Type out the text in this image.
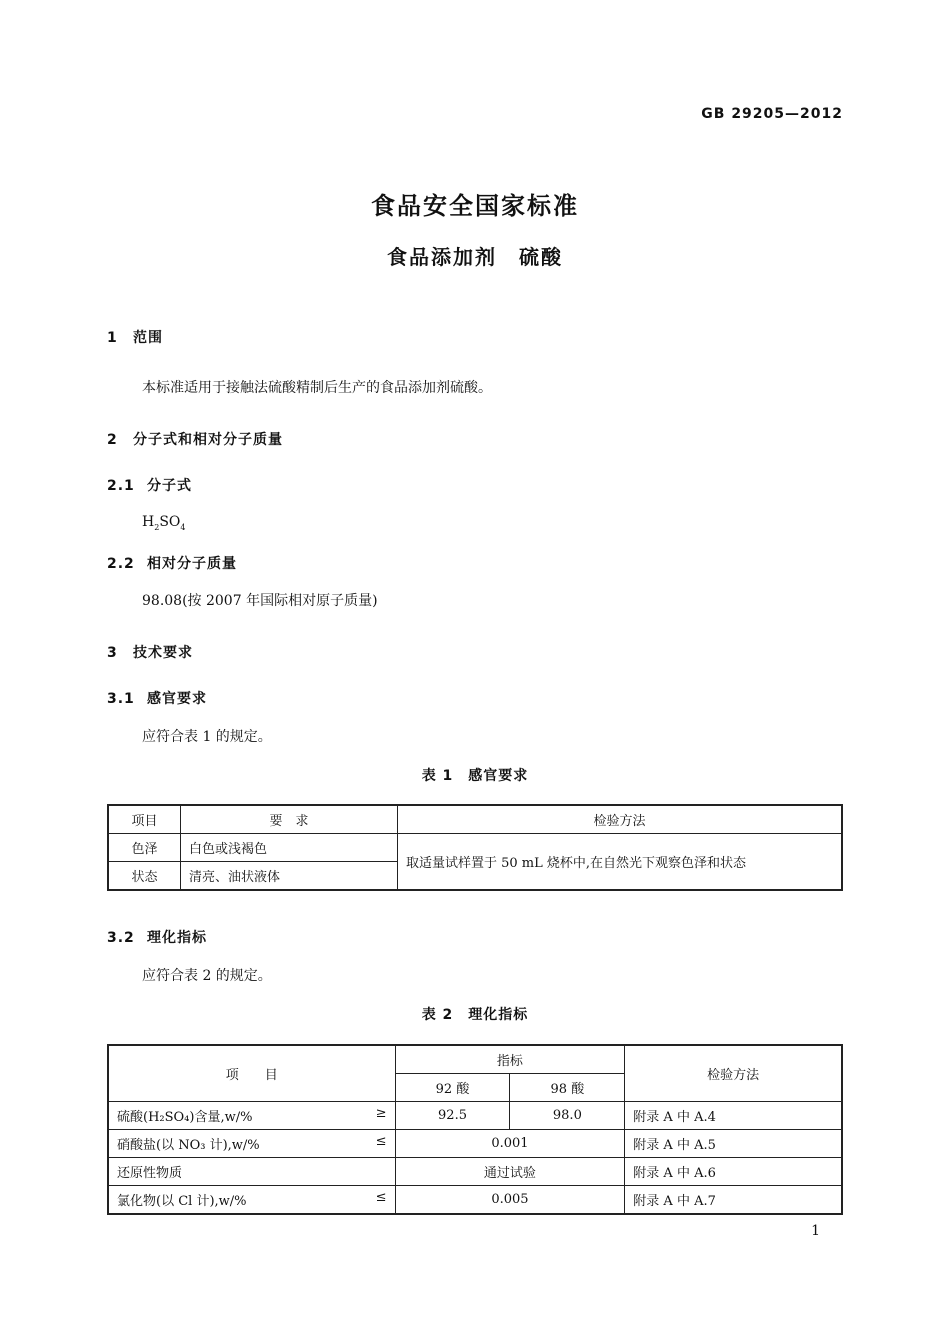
GB 29205—2012
食品安全国家标准
食品添加剂　硫酸
1 范围
本标准适用于接触法硫酸精制后生产的食品添加剂硫酸。
2 分子式和相对分子质量
2.1 分子式
$H_2SO_4$
2.2 相对分子质量
98.08(按 2007 年国际相对原子质量)
3 技术要求
3.1 感官要求
应符合表 1 的规定。
表 1　感官要求
项目	要　求	检验方法
色泽	白色或浅褐色	取适量试样置于 50 mL 烧杯中,在自然光下观察色泽和状态
状态	清亮、油状液体	
3.2 理化指标
应符合表 2 的规定。
表 2　理化指标
项　　目	指标		检验方法
	92 酸	98 酸	
硫酸(H₂SO₄)含量,w/% ≥	92.5	98.0	附录 A 中 A.4
硝酸盐(以 NO₃ 计),w/% ≤	0.001		附录 A 中 A.5
还原性物质	通过试验		附录 A 中 A.6
氯化物(以 Cl 计),w/% ≤	0.005		附录 A 中 A.7
1
